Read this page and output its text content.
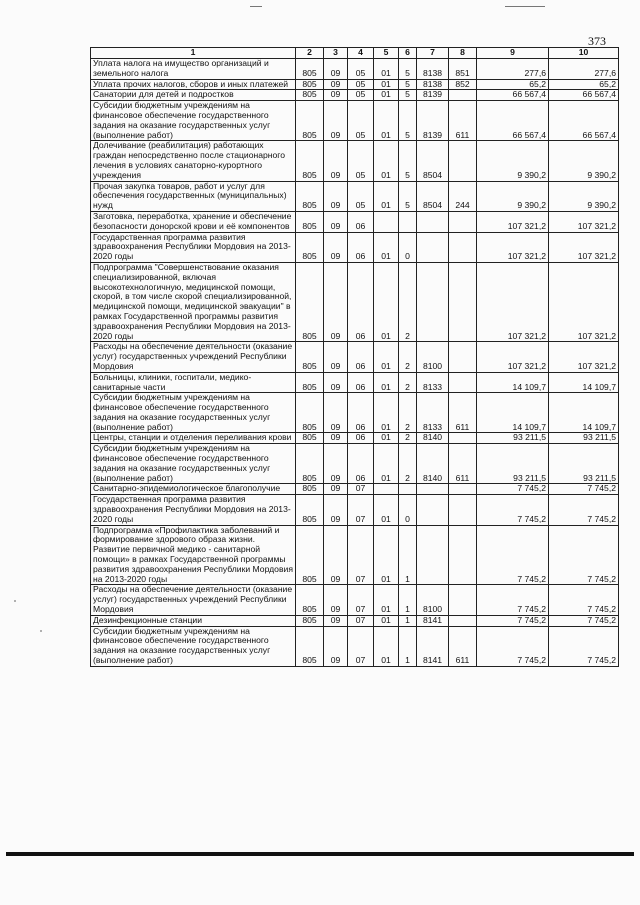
373
1	2	3	4	5	6	7	8	9	10
Уплата налога на имущество организаций и земельного налога	805	09	05	01	5	8138	851	277,6	277,6
Уплата прочих налогов, сборов и иных платежей	805	09	05	01	5	8138	852	65,2	65,2
Санатории для детей и подростков	805	09	05	01	5	8139		66 567,4	66 567,4
Субсидии бюджетным учреждениям на финансовое обеспечение государственного задания на оказание государственных услуг (выполнение работ)	805	09	05	01	5	8139	611	66 567,4	66 567,4
Долечивание (реабилитация) работающих граждан непосредственно после стационарного лечения в условиях санаторно-курортного учреждения	805	09	05	01	5	8504		9 390,2	9 390,2
Прочая закупка товаров, работ и услуг для обеспечения государственных (муниципальных) нужд	805	09	05	01	5	8504	244	9 390,2	9 390,2
Заготовка, переработка, хранение и обеспечение безопасности донорской крови и её компонентов	805	09	06					107 321,2	107 321,2
Государственная программа развития здравоохранения Республики Мордовия на 2013-2020 годы	805	09	06	01	0			107 321,2	107 321,2
Подпрограмма "Совершенствование оказания специализированной, включая высокотехнологичную, медицинской помощи, скорой, в том числе скорой специализированной, медицинской помощи, медицинской эвакуации" в рамках Государственной программы развития здравоохранения Республики Мордовия на 2013-2020 годы	805	09	06	01	2			107 321,2	107 321,2
Расходы на обеспечение деятельности (оказание услуг) государственных учреждений Республики Мордовия	805	09	06	01	2	8100		107 321,2	107 321,2
Больницы, клиники, госпитали, медико-санитарные части	805	09	06	01	2	8133		14 109,7	14 109,7
Субсидии бюджетным учреждениям на финансовое обеспечение государственного задания на оказание государственных услуг (выполнение работ)	805	09	06	01	2	8133	611	14 109,7	14 109,7
Центры, станции и отделения переливания крови	805	09	06	01	2	8140		93 211,5	93 211,5
Субсидии бюджетным учреждениям на финансовое обеспечение государственного задания на оказание государственных услуг (выполнение работ)	805	09	06	01	2	8140	611	93 211,5	93 211,5
Санитарно-эпидемиологическое благополучие	805	09	07					7 745,2	7 745,2
Государственная программа развития здравоохранения Республики Мордовия на 2013-2020 годы	805	09	07	01	0			7 745,2	7 745,2
Подпрограмма «Профилактика заболеваний и формирование здорового образа жизни. Развитие первичной медико - санитарной помощи» в рамках Государственной программы развития здравоохранения Республики Мордовия на 2013-2020 годы	805	09	07	01	1			7 745,2	7 745,2
Расходы на обеспечение деятельности (оказание услуг) государственных учреждений Республики Мордовия	805	09	07	01	1	8100		7 745,2	7 745,2
Дезинфекционные станции	805	09	07	01	1	8141		7 745,2	7 745,2
Субсидии бюджетным учреждениям на финансовое обеспечение государственного задания на оказание государственных услуг (выполнение работ)	805	09	07	01	1	8141	611	7 745,2	7 745,2
